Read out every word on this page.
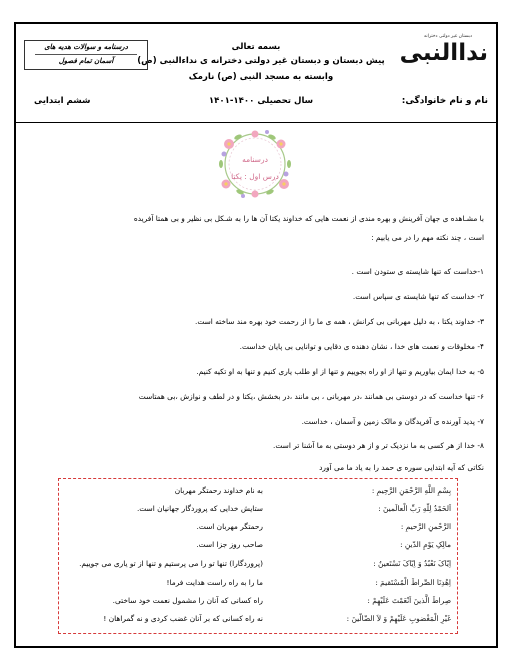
دبستان غیر دولتی دخترانه
نداالنبی
بسمه تعالی
پیش دبستان و دبستان غیر دولتی دخترانه ی نداءالنبی (ص)
وابسته به مسجد النبی (ص) نارمک
درسنامه و سوالات هدیه های
آسمان تمام فصول
نام و نام خانوادگی:
سال تحصیلی ۱۴۰۰-۱۴۰۱
ششم ابتدایی
درسنامه
درس اول : یکتا
با مشـاهده ی جهان آفرینش و بهره مندی از نعمت هایی که خداوند یکتا آن ها را به شـکل بی نظیر و بی همتا آفریده
است ، چند نکته مهم را در می یابیم :
۱-خداست که تنها شایسته ی ستودن است .
۲- خداست که تنها شایسته ی سپاس است.
۳- خداوند یکتا ، به دلیل مهربانی بی کرانش ، همه ی ما را از رحمت خود بهره مند ساخته است.
۴- مخلوقات و نعمت های خدا ، نشان دهنده ی دقایی و توانایی بی پایان خداست.
۵- به خدا ایمان بیاوریم و تنها از او راه بجوییم و تنها از او طلب یاری کنیم و تنها به او تکیه کنیم.
۶- تنها خداست که در دوستی بی همانند ،در مهربانی ، بی مانند ،در بخشش ،یکتا و در لطف و نوازش ،بی همتاست
۷- پدید آورنده ی آفریدگان و مالک زمین و آسمان ، خداست.
۸- خدا از هر کسی به ما نزدیک تر و از هر دوستی به ما آشنا تر است.
نکاتی که آیه ابتدایی سوره ی حمد را به یاد ما می آورد
بِسْمِ اللَّهِ الرَّحْمَنِ الرَّحِیمِ :
به نام خداوند رحمتگر مهربان
اَلحَمْدُ لِلّهِ رَبِّ الْعالَمینَ :
ستایش خدایی که پروردگار جهانیان است.
الرَّحْمنِ الرَّحیمِ :
رحمتگر مهربان است.
مالِکِ یَوْمِ الدّینِ :
صاحب روز جزا است.
اِیّاکَ نَعْبُدُ وَ اِیّاکَ نَسْتَعینُ :
(پروردگارا) تنها تو را می پرستیم و تنها از تو یاری می جوییم.
اِهْدِنَا الصِّراطَ الْمُسْتَقیمَ :
ما را به راه راست هدایت فرما!
صِراطَ الَّذینَ اَنْعَمْتَ عَلَیْهِمْ :
راه کسانی که آنان را مشمول نعمت خود ساختی.
غَیْرِ الْمَغْضوبِ عَلَیْهِمْ وَ لاَ الضّالّینَ :
نه راه کسانی که بر آنان غضب کردی و نه گمراهان !
